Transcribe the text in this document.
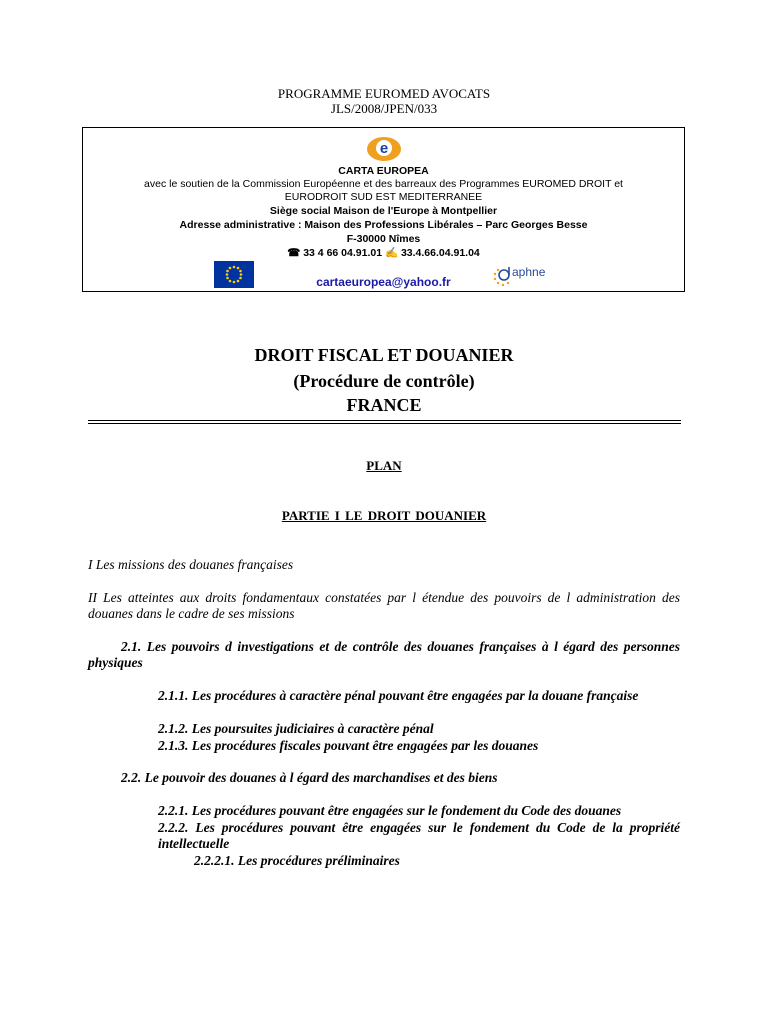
PROGRAMME EUROMED AVOCATS
JLS/2008/JPEN/033
e
CARTA EUROPEA
avec le soutien de la Commission Européenne et des barreaux des Programmes EUROMED DROIT et
EURODROIT SUD EST MEDITERRANEE
Siège social Maison de l'Europe à Montpellier
Adresse administrative : Maison des Professions Libérales – Parc Georges Besse
F-30000 Nîmes
☎ 33 4 66 04.91.01 ✍ 33.4.66.04.91.04
cartaeuropea@yahoo.fr
aphne
DROIT FISCAL ET DOUANIER
(Procédure de contrôle)
FRANCE
PLAN
PARTIE I LE DROIT DOUANIER
I Les missions des douanes françaises
II Les atteintes aux droits fondamentaux constatées par l étendue des pouvoirs de l administration des douanes dans le cadre de ses missions
2.1. Les pouvoirs d investigations et de contrôle des douanes françaises à l égard des personnes physiques
2.1.1. Les procédures à caractère pénal pouvant être engagées par la douane française
2.1.2. Les poursuites judiciaires à caractère pénal
2.1.3. Les procédures fiscales pouvant être engagées par les douanes
2.2. Le pouvoir des douanes à l égard des marchandises et des biens
2.2.1. Les procédures pouvant être engagées sur le fondement du Code des douanes
2.2.2. Les procédures pouvant être engagées sur le fondement du Code de la propriété intellectuelle
2.2.2.1. Les procédures préliminaires
